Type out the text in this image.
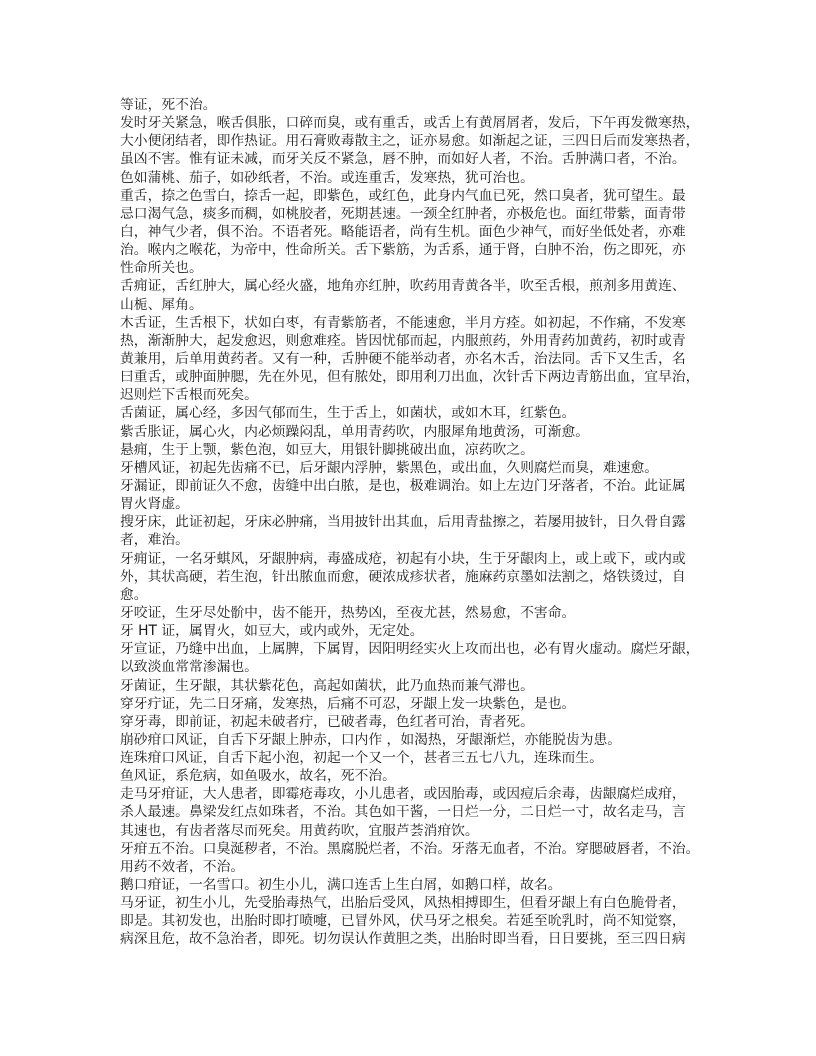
等证，死不治。
发时牙关紧急，喉舌俱胀，口碎而臭，或有重舌，或舌上有黄屑屑者，发后，下午再发微寒热，
大小便闭结者，即作热证。用石膏败毒散主之，证亦易愈。如渐起之证，三四日后而发寒热者，
虽凶不害。惟有证未减，而牙关反不紧急，唇不肿，而如好人者，不治。舌肿满口者，不治。
色如蒲桃、茄子，如砂纸者，不治。或连重舌，发寒热，犹可治也。
重舌，捺之色雪白，捺舌一起，即紫色，或红色，此身内气血已死，然口臭者，犹可望生。最
忌口渴气急，痰多而稠，如桃胶者，死期甚速。一颈全红肿者，亦极危也。面红带紫，面青带
白，神气少者，俱不治。不语者死。略能语者，尚有生机。面色少神气，而好坐低处者，亦难
治。喉内之喉花，为帝中，性命所关。舌下紫筋，为舌系，通于肾，白肿不治，伤之即死，亦
性命所关也。
舌痈证，舌红肿大，属心经火盛，地角亦红肿，吹药用青黄各半，吹至舌根，煎剂多用黄连、
山栀、犀角。
木舌证，生舌根下，状如白枣，有青紫筋者，不能速愈，半月方痊。如初起，不作痛，不发寒
热，渐渐肿大，起发愈迟，则愈难痊。皆因忧郁而起，内服煎药，外用青药加黄药，初时或青
黄兼用，后单用黄药者。又有一种，舌肿硬不能举动者，亦名木舌，治法同。舌下又生舌，名
曰重舌，或肿面肿腮，先在外见，但有脓处，即用利刀出血，次针舌下两边青筋出血，宜早治，
迟则烂下舌根而死矣。
舌菌证，属心经，多因气郁而生，生于舌上，如菌状，或如木耳，红紫色。
紫舌胀证，属心火，内必烦躁闷乱，单用青药吹，内服犀角地黄汤，可渐愈。
悬痈，生于上颚，紫色泡，如豆大，用银针脚挑破出血，凉药吹之。
牙槽风证，初起先齿痛不已，后牙龈内浮肿，紫黑色，或出血，久则腐烂而臭，难速愈。
牙漏证，即前证久不愈，齿缝中出白脓，是也，极难调治。如上左边门牙落者，不治。此证属
胃火肾虚。
搜牙床，此证初起，牙床必肿痛，当用披针出其血，后用青盐擦之，若屡用披针，日久骨自露
者，难治。
牙痈证，一名牙蜞风，牙龈肿病，毒盛成疮，初起有小块，生于牙龈肉上，或上或下，或内或
外，其状高硬，若生泡，针出脓血而愈，硬浓成疹状者，施麻药京墨如法割之，烙铁烫过，自
愈。
牙咬证，生牙尽处骱中，齿不能开，热势凶，至夜尤甚，然易愈，不害命。
牙 HT 证，属胃火，如豆大，或内或外，无定处。
牙宣证，乃缝中出血，上属脾，下属胃，因阳明经实火上攻而出也，必有胃火虚动。腐烂牙龈，
以致淡血常常渗漏也。
牙菌证，生牙龈，其状紫花色，高起如菌状，此乃血热而兼气滞也。
穿牙疔证，先二日牙痛，发寒热，后痛不可忍，牙龈上发一块紫色，是也。
穿牙毒，即前证，初起未破者疔，已破者毒，色红者可治，青者死。
崩砂疳口风证，自舌下牙龈上肿赤，口内作 ，如渴热，牙龈渐烂，亦能脱齿为患。
连珠疳口风证，自舌下起小泡，初起一个又一个，甚者三五七八九，连珠而生。
鱼风证，系危病，如鱼吸水，故名，死不治。
走马牙疳证，大人患者，即霉疮毒攻，小儿患者，或因胎毒，或因痘后余毒，齿龈腐烂成疳，
杀人最速。鼻梁发红点如珠者，不治。其色如干酱，一日烂一分，二日烂一寸，故名走马，言
其速也，有齿者落尽而死矣。用黄药吹，宜服芦荟消疳饮。
牙疳五不治。口臭涎秽者，不治。黑腐脱烂者，不治。牙落无血者，不治。穿腮破唇者，不治。
用药不效者，不治。
鹅口疳证，一名雪口。初生小儿，满口连舌上生白屑，如鹅口样，故名。
马牙证，初生小儿，先受胎毒热气，出胎后受风，风热相搏即生，但看牙龈上有白色脆骨者，
即是。其初发也，出胎时即打喷嚏，已冒外风，伏马牙之根矣。若延至吮乳时，尚不知觉察，
病深且危，故不急治者，即死。切勿误认作黄胆之类，出胎时即当看，日日要挑，至三四日病
